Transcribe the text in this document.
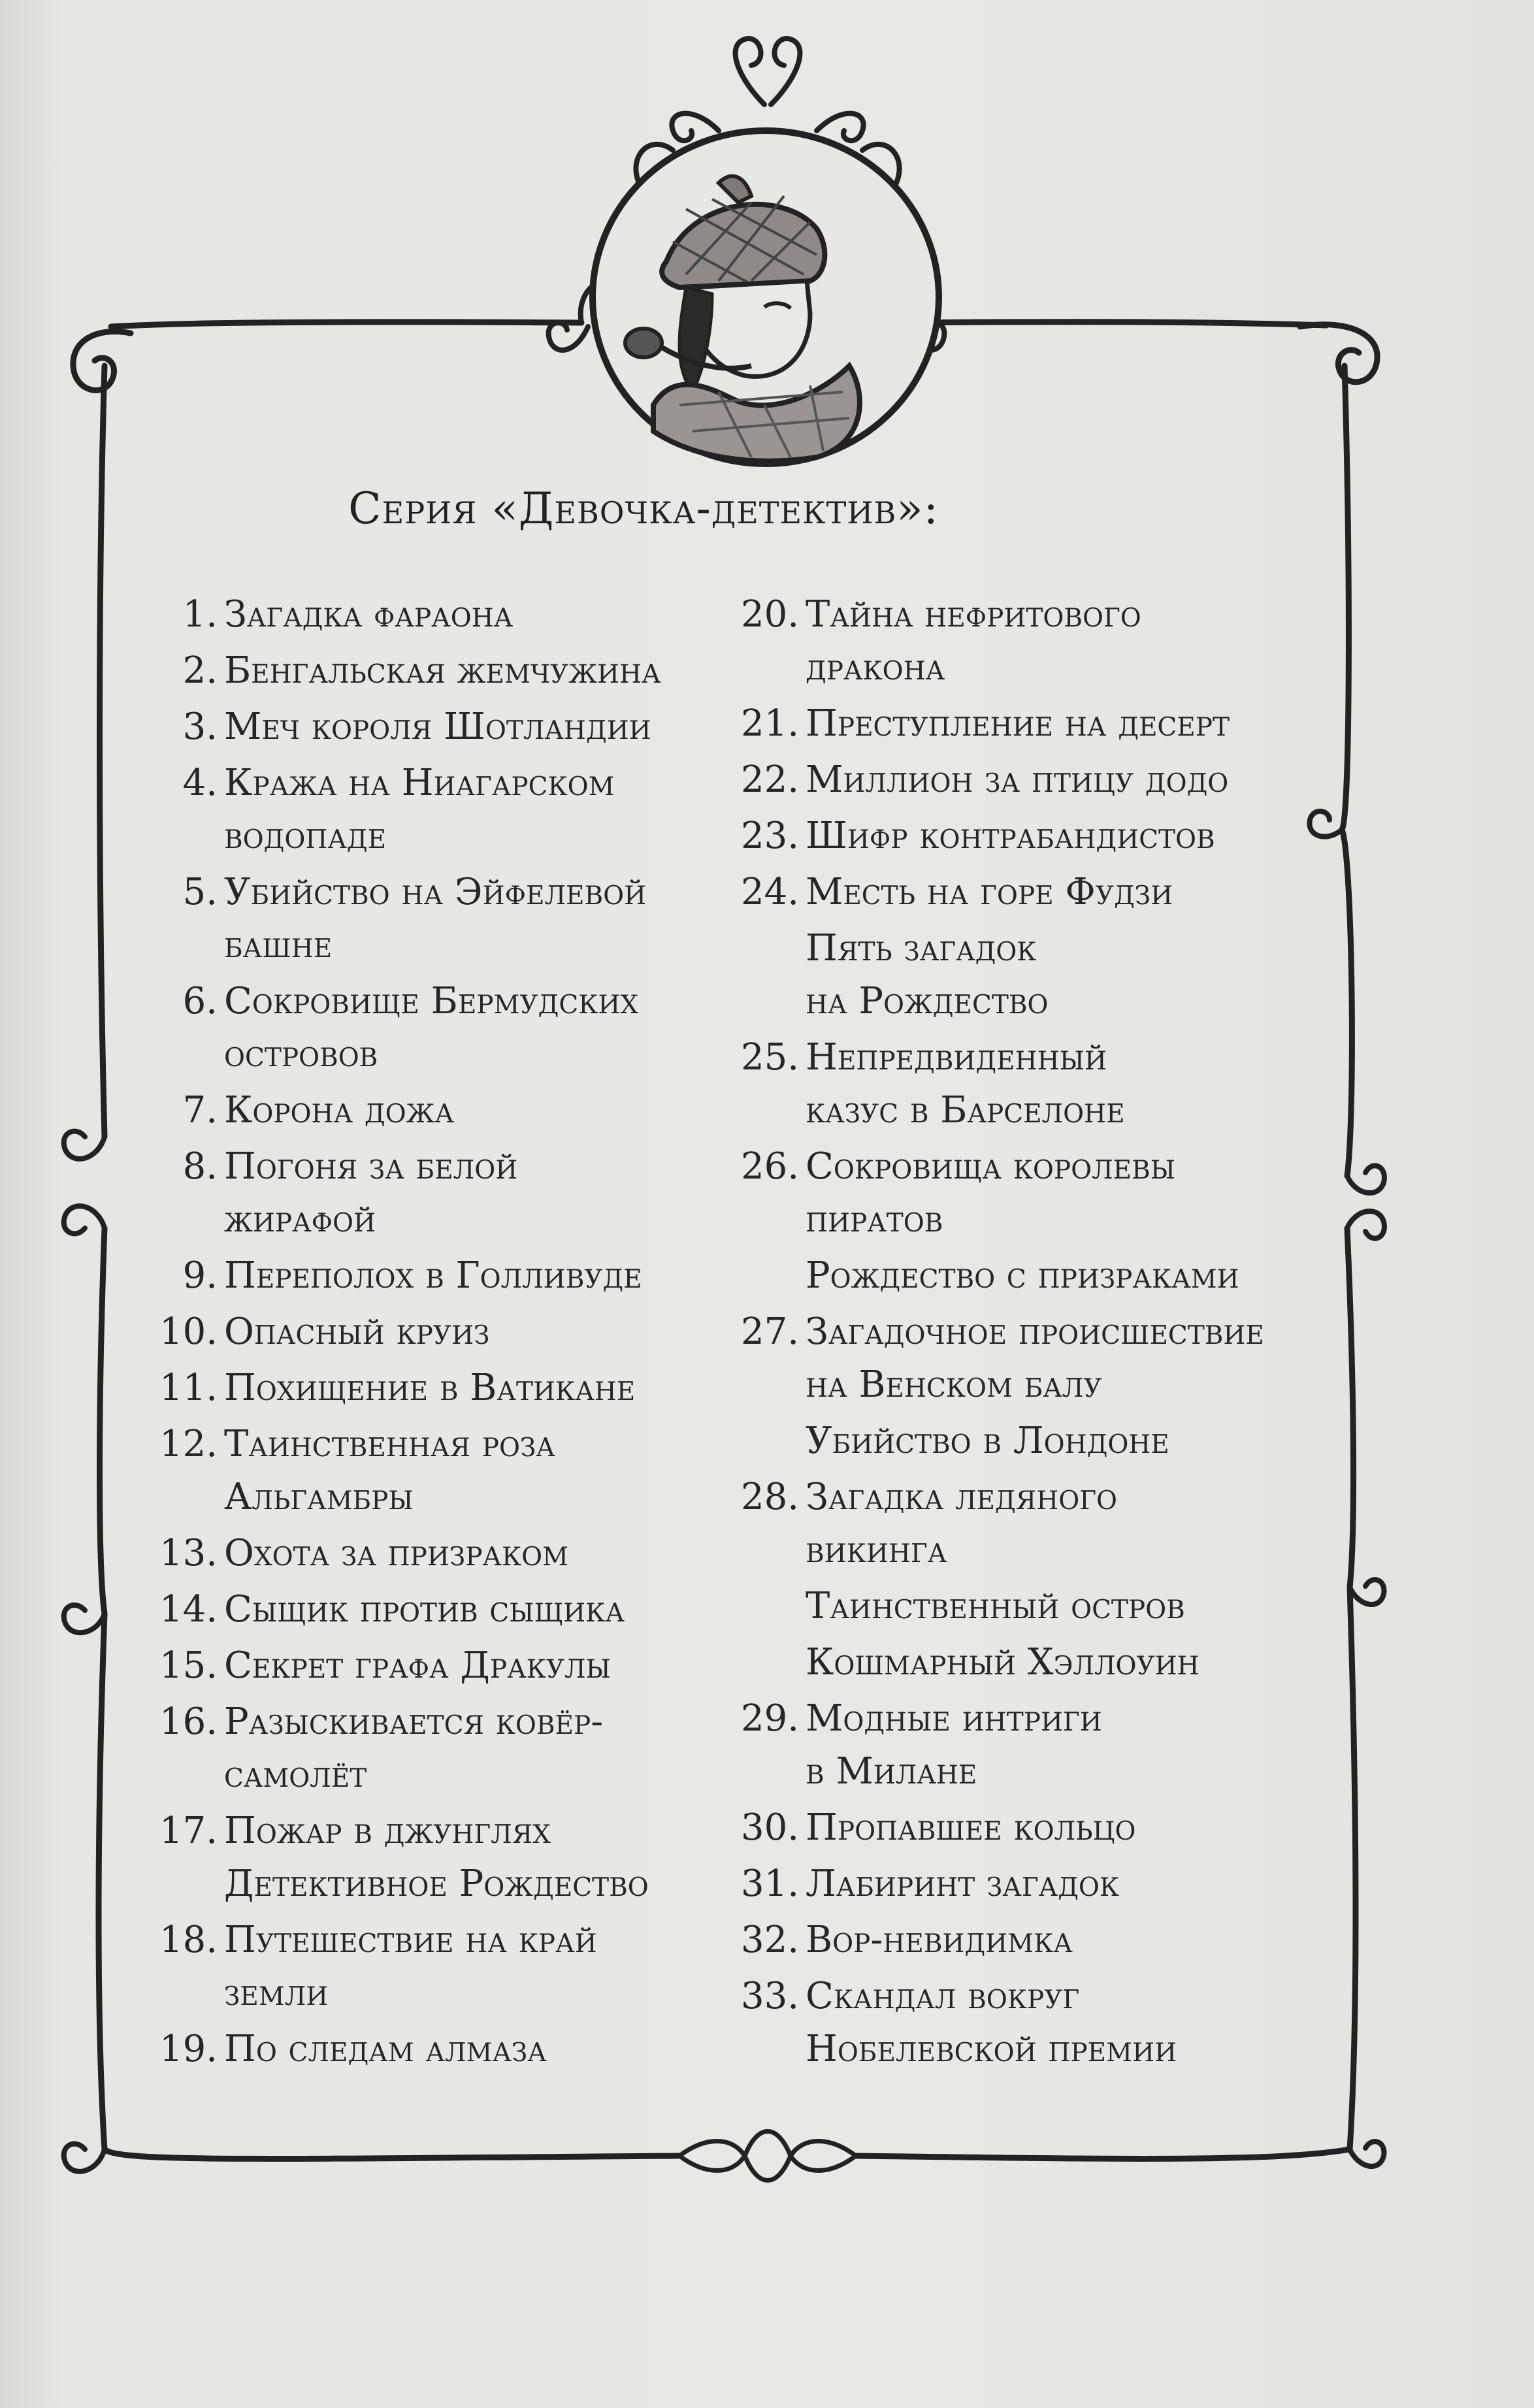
Серия «Девочка-детектив»:
1. Загадка фараона
2. Бенгальская жемчужина
3. Меч короля Шотландии
4. Кража на Ниагарском
водопаде
5. Убийство на Эйфелевой
башне
6. Сокровище Бермудских
островов
7. Корона дожа
8. Погоня за белой
жирафой
9. Переполох в Голливуде
10. Опасный круиз
11. Похищение в Ватикане
12. Таинственная роза
Альгамбры
13. Охота за призраком
14. Сыщик против сыщика
15. Секрет графа Дракулы
16. Разыскивается ковёр-
самолёт
17. Пожар в джунглях
Детективное Рождество
18. Путешествие на край
земли
19. По следам алмаза
20. Тайна нефритового
дракона
21. Преступление на десерт
22. Миллион за птицу додо
23. Шифр контрабандистов
24. Месть на горе Фудзи
Пять загадок
на Рождество
25. Непредвиденный
казус в Барселоне
26. Сокровища королевы
пиратов
Рождество с призраками
27. Загадочное происшествие
на Венском балу
Убийство в Лондоне
28. Загадка ледяного
викинга
Таинственный остров
Кошмарный Хэллоуин
29. Модные интриги
в Милане
30. Пропавшее кольцо
31. Лабиринт загадок
32. Вор-невидимка
33. Скандал вокруг
Нобелевской премии
